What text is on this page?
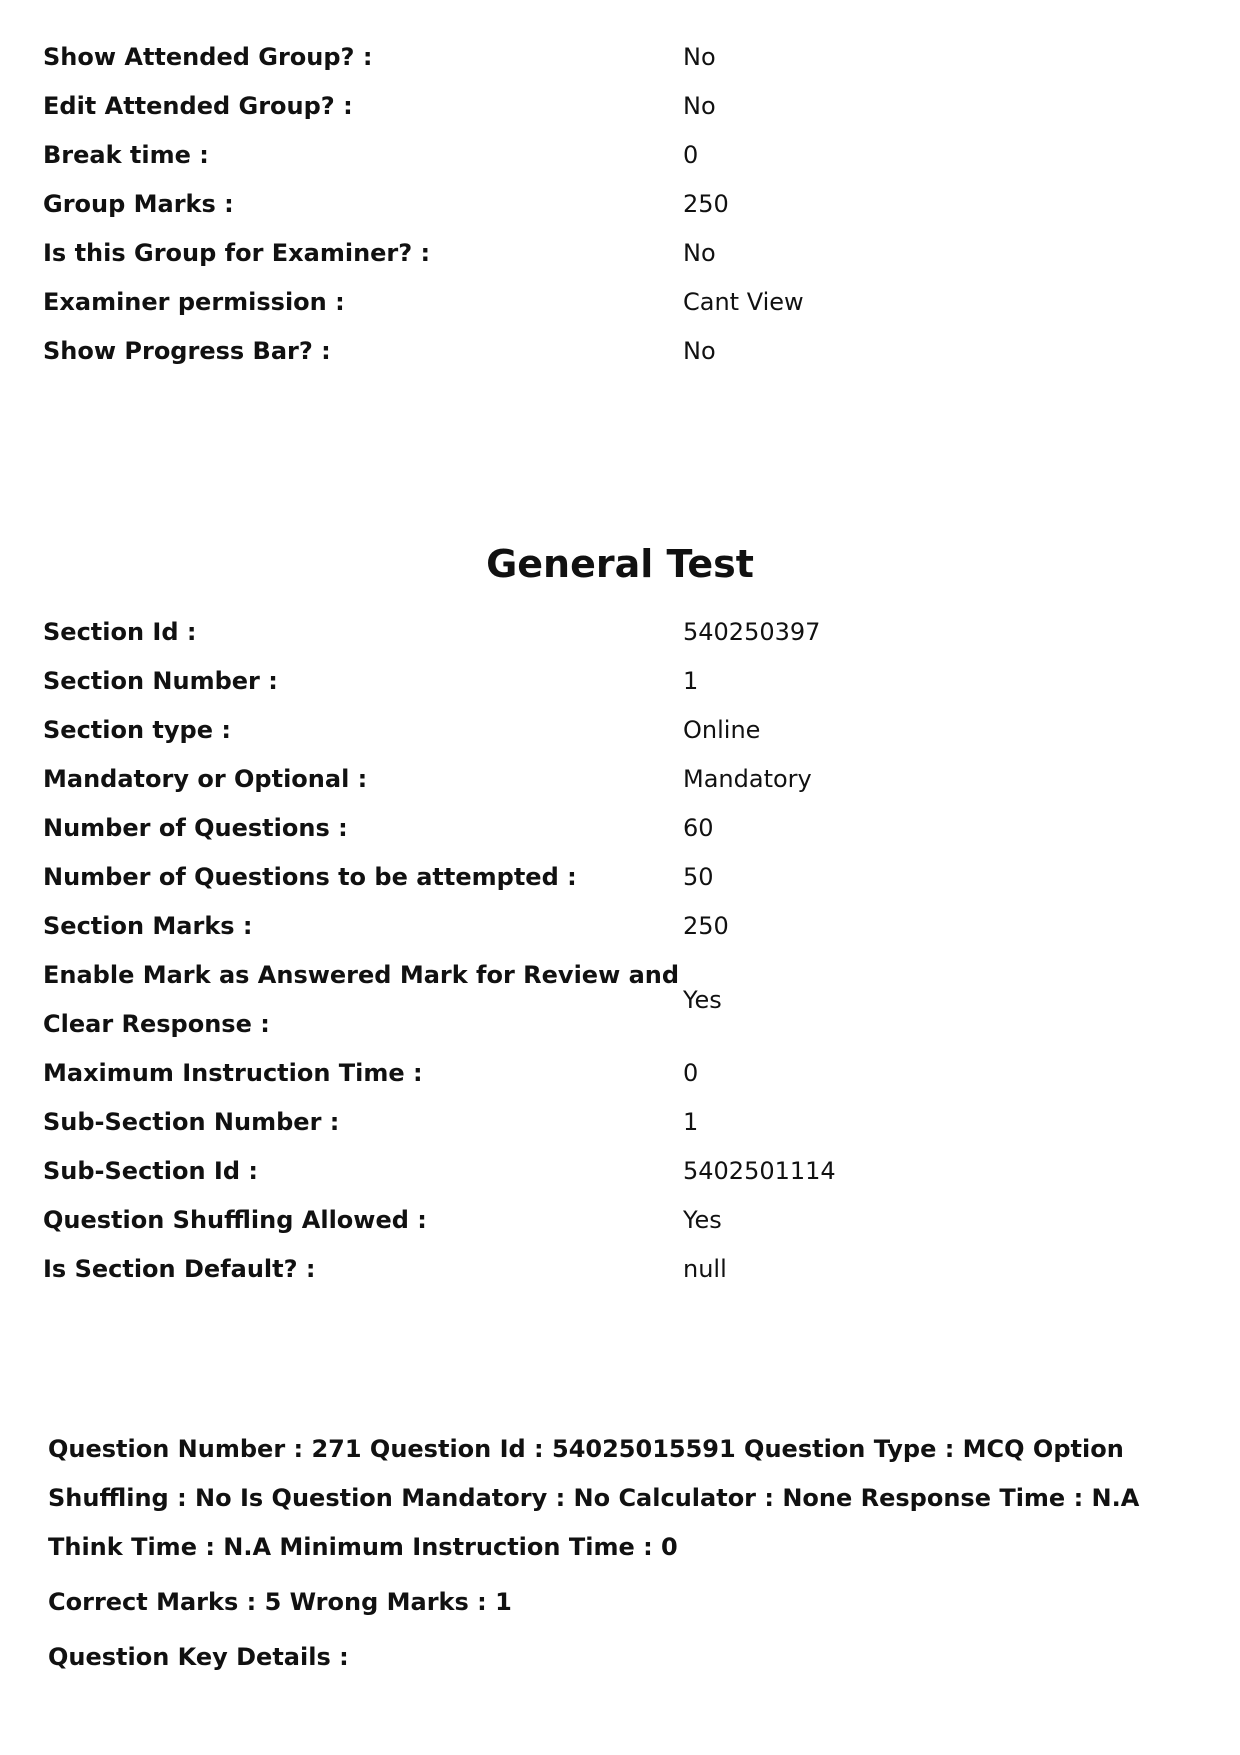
Show Attended Group? :	No
Edit Attended Group? :	No
Break time :	0
Group Marks :	250
Is this Group for Examiner? :	No
Examiner permission :	Cant View
Show Progress Bar? :	No
General Test
Section Id :	540250397
Section Number :	1
Section type :	Online
Mandatory or Optional :	Mandatory
Number of Questions :	60
Number of Questions to be attempted :	50
Section Marks :	250
Enable Mark as Answered Mark for Review and Clear Response :	Yes
Maximum Instruction Time :	0
Sub-Section Number :	1
Sub-Section Id :	5402501114
Question Shuffling Allowed :	Yes
Is Section Default? :	null

Question Number : 271 Question Id : 54025015591 Question Type : MCQ Option Shuffling : No Is Question Mandatory : No Calculator : None Response Time : N.A Think Time : N.A Minimum Instruction Time : 0

Correct Marks : 5 Wrong Marks : 1

Question Key Details :
